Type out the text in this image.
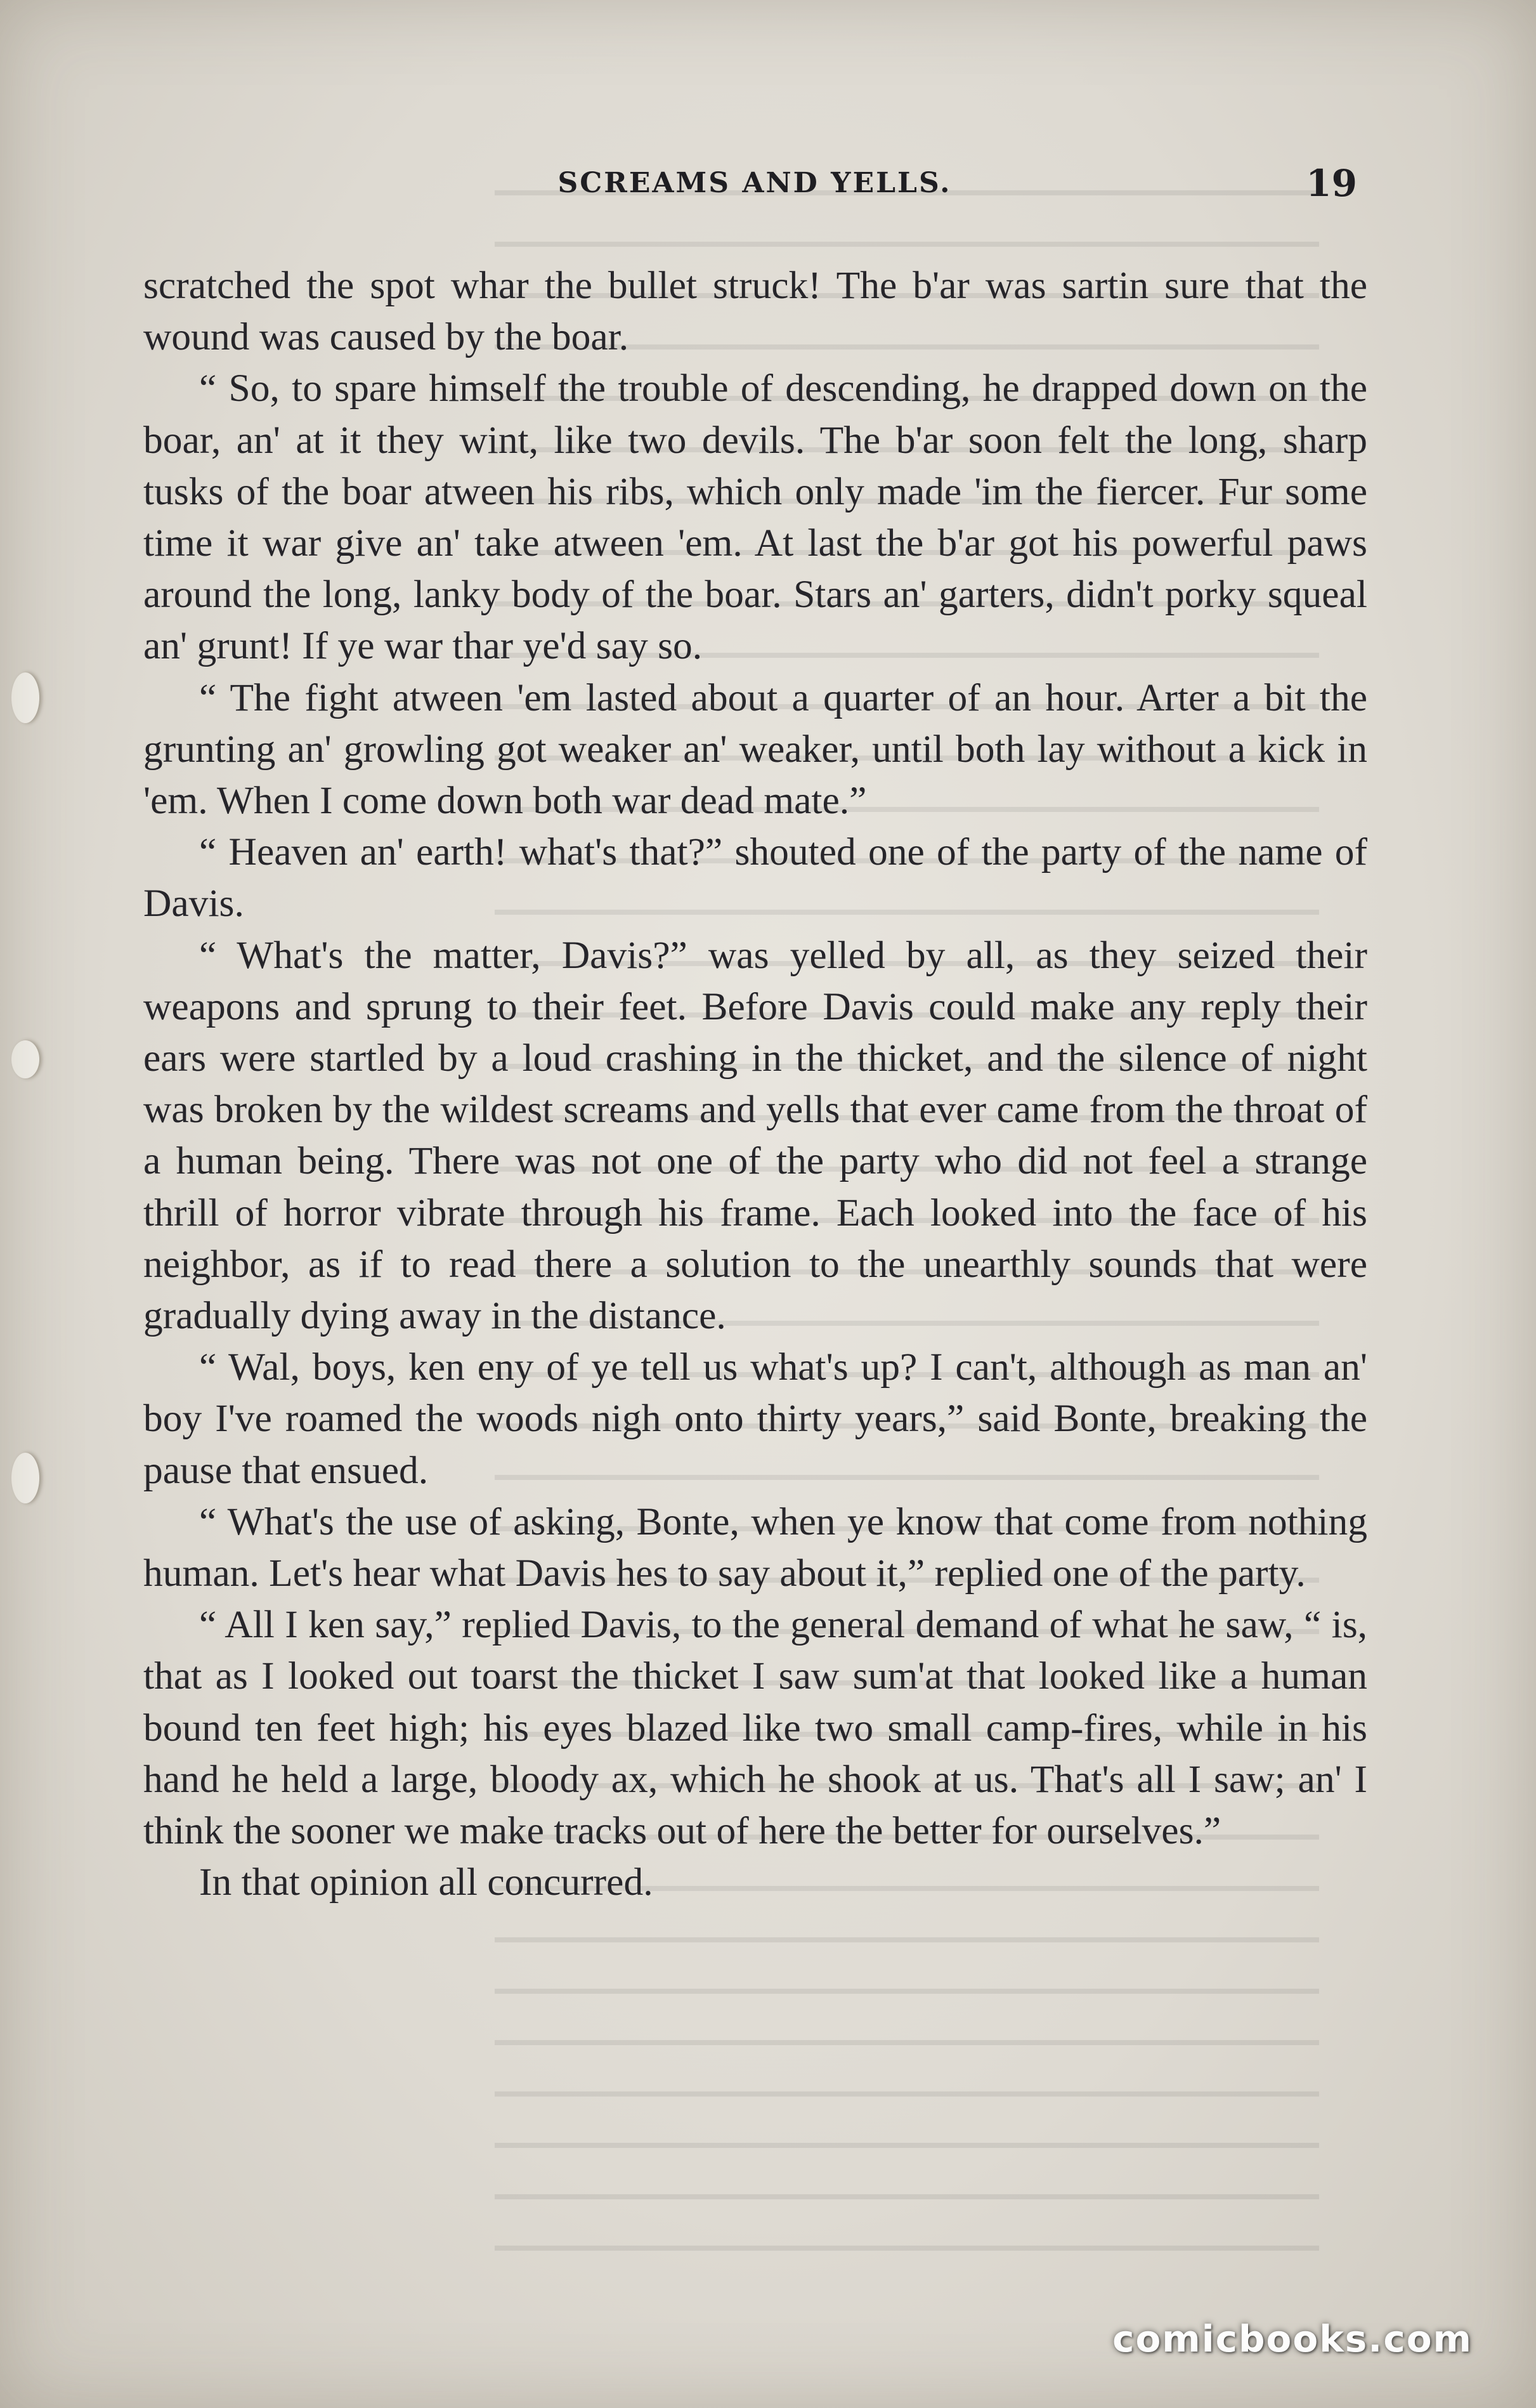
SCREAMS AND YELLS.	19

scratched the spot whar the bullet struck! The b'ar was sartin sure that the wound was caused by the boar.

“ So, to spare himself the trouble of descending, he drapped down on the boar, an' at it they wint, like two devils. The b'ar soon felt the long, sharp tusks of the boar atween his ribs, which only made 'im the fiercer. Fur some time it war give an' take atween 'em. At last the b'ar got his powerful paws around the long, lanky body of the boar. Stars an' garters, didn't porky squeal an' grunt! If ye war thar ye'd say so.

“ The fight atween 'em lasted about a quarter of an hour. Arter a bit the grunting an' growling got weaker an' weaker, until both lay without a kick in 'em. When I come down both war dead mate.”

“ Heaven an' earth! what's that?” shouted one of the party of the name of Davis.

“ What's the matter, Davis?” was yelled by all, as they seized their weapons and sprung to their feet. Before Davis could make any reply their ears were startled by a loud crashing in the thicket, and the silence of night was broken by the wildest screams and yells that ever came from the throat of a human being. There was not one of the party who did not feel a strange thrill of horror vibrate through his frame. Each looked into the face of his neighbor, as if to read there a solution to the unearthly sounds that were gradually dying away in the distance.

“ Wal, boys, ken eny of ye tell us what's up? I can't, although as man an' boy I've roamed the woods nigh onto thirty years,” said Bonte, breaking the pause that ensued.

“ What's the use of asking, Bonte, when ye know that come from nothing human. Let's hear what Davis hes to say about it,” replied one of the party.

“ All I ken say,” replied Davis, to the general demand of what he saw, “ is, that as I looked out toarst the thicket I saw sum'at that looked like a human bound ten feet high; his eyes blazed like two small camp-fires, while in his hand he held a large, bloody ax, which he shook at us. That's all I saw; an' I think the sooner we make tracks out of here the better for ourselves.”

In that opinion all concurred.

comicbooks.com
